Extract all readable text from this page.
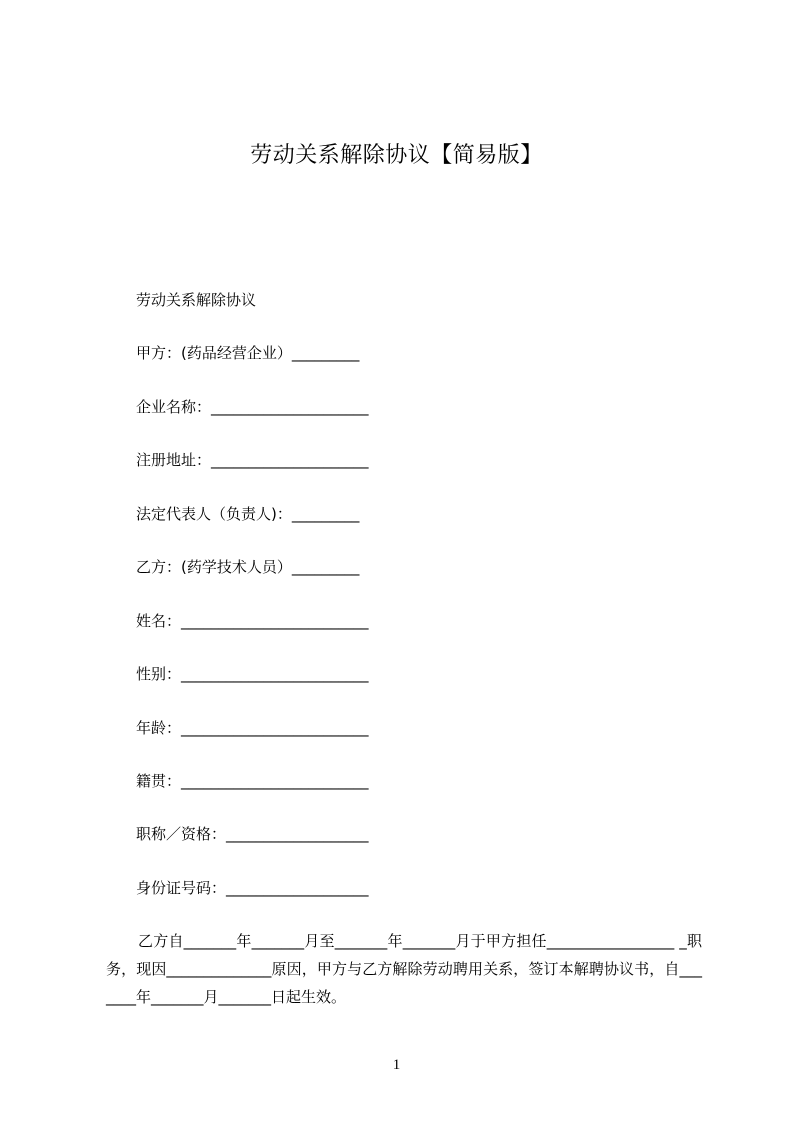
劳动关系解除协议【简易版】
劳动关系解除协议
甲方：(药品经营企业）_________
企业名称：_____________________
注册地址：_____________________
法定代表人（负责人)：_________
乙方：(药学技术人员）_________
姓名：_________________________
性别：_________________________
年龄：_________________________
籍贯：_________________________
职称／资格：___________________
身份证号码：___________________
乙方自_______年_______月至_______年_______月于甲方担任_________________ _职务，现因______________原因，甲方与乙方解除劳动聘用关系，签订本解聘协议书，自_______年_______月_______日起生效。
1
